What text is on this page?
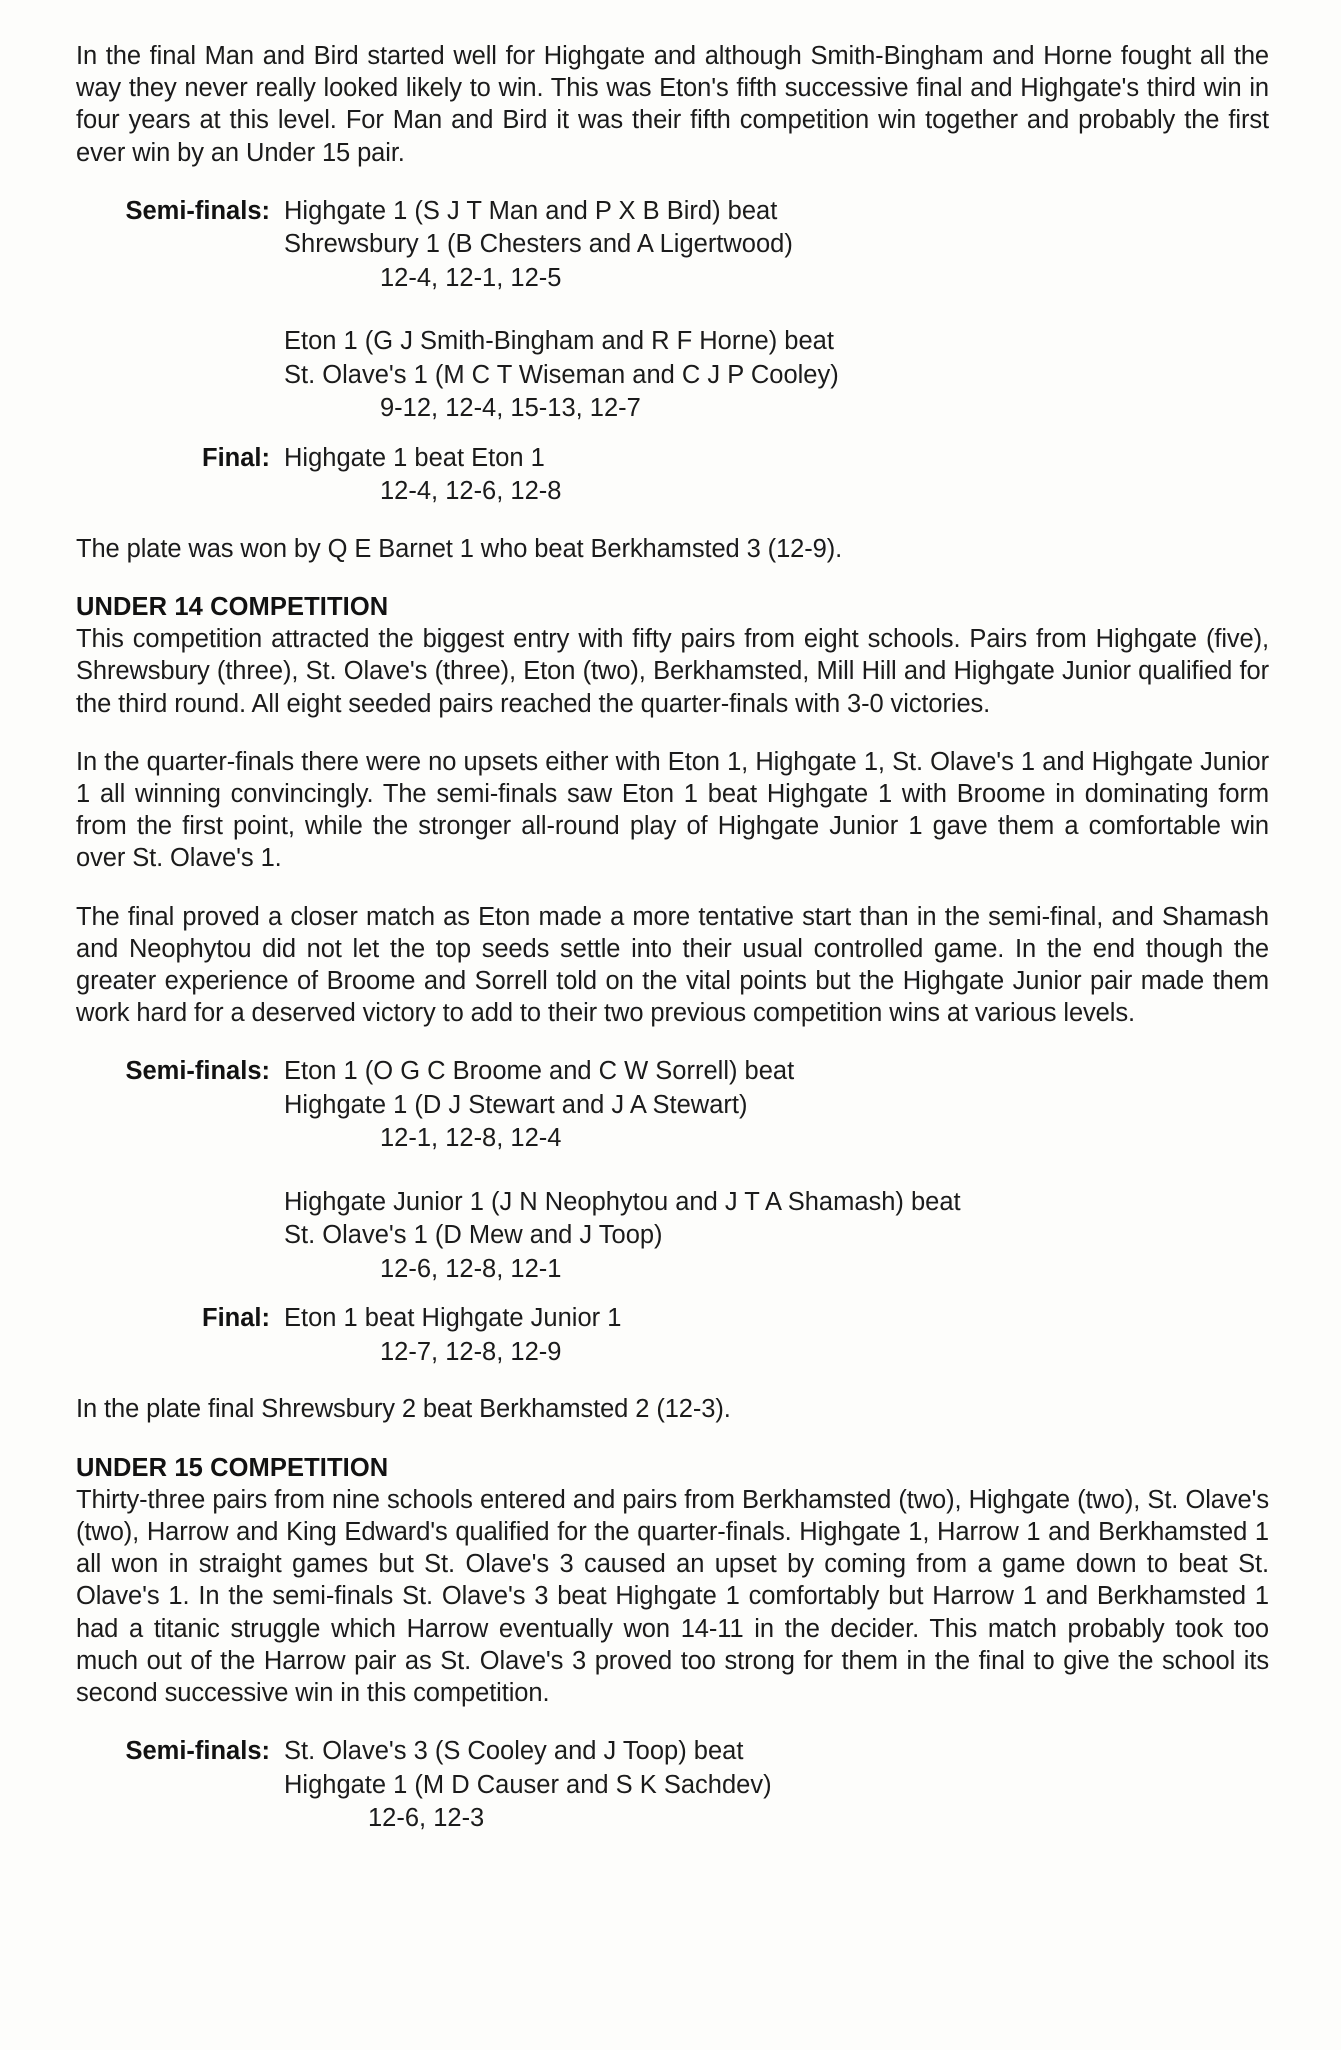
In the final Man and Bird started well for Highgate and although Smith-Bingham and Horne fought all the way they never really looked likely to win. This was Eton's fifth successive final and Highgate's third win in four years at this level. For Man and Bird it was their fifth competition win together and probably the first ever win by an Under 15 pair.

Semi-finals: Highgate 1 (S J T Man and P X B Bird) beat
Shrewsbury 1 (B Chesters and A Ligertwood)
12-4, 12-1, 12-5

Eton 1 (G J Smith-Bingham and R F Horne) beat
St. Olave's 1 (M C T Wiseman and C J P Cooley)
9-12, 12-4, 15-13, 12-7
Final: Highgate 1 beat Eton 1
12-4, 12-6, 12-8

The plate was won by Q E Barnet 1 who beat Berkhamsted 3 (12-9).

UNDER 14 COMPETITION

This competition attracted the biggest entry with fifty pairs from eight schools. Pairs from Highgate (five), Shrewsbury (three), St. Olave's (three), Eton (two), Berkhamsted, Mill Hill and Highgate Junior qualified for the third round. All eight seeded pairs reached the quarter-finals with 3-0 victories.

In the quarter-finals there were no upsets either with Eton 1, Highgate 1, St. Olave's 1 and Highgate Junior 1 all winning convincingly. The semi-finals saw Eton 1 beat Highgate 1 with Broome in dominating form from the first point, while the stronger all-round play of Highgate Junior 1 gave them a comfortable win over St. Olave's 1.

The final proved a closer match as Eton made a more tentative start than in the semi-final, and Shamash and Neophytou did not let the top seeds settle into their usual controlled game. In the end though the greater experience of Broome and Sorrell told on the vital points but the Highgate Junior pair made them work hard for a deserved victory to add to their two previous competition wins at various levels.

Semi-finals: Eton 1 (O G C Broome and C W Sorrell) beat
Highgate 1 (D J Stewart and J A Stewart)
12-1, 12-8, 12-4

Highgate Junior 1 (J N Neophytou and J T A Shamash) beat
St. Olave's 1 (D Mew and J Toop)
12-6, 12-8, 12-1
Final: Eton 1 beat Highgate Junior 1
12-7, 12-8, 12-9

In the plate final Shrewsbury 2 beat Berkhamsted 2 (12-3).

UNDER 15 COMPETITION

Thirty-three pairs from nine schools entered and pairs from Berkhamsted (two), Highgate (two), St. Olave's (two), Harrow and King Edward's qualified for the quarter-finals. Highgate 1, Harrow 1 and Berkhamsted 1 all won in straight games but St. Olave's 3 caused an upset by coming from a game down to beat St. Olave's 1. In the semi-finals St. Olave's 3 beat Highgate 1 comfortably but Harrow 1 and Berkhamsted 1 had a titanic struggle which Harrow eventually won 14-11 in the decider. This match probably took too much out of the Harrow pair as St. Olave's 3 proved too strong for them in the final to give the school its second successive win in this competition.

Semi-finals: St. Olave's 3 (S Cooley and J Toop) beat
Highgate 1 (M D Causer and S K Sachdev)
12-6, 12-3
